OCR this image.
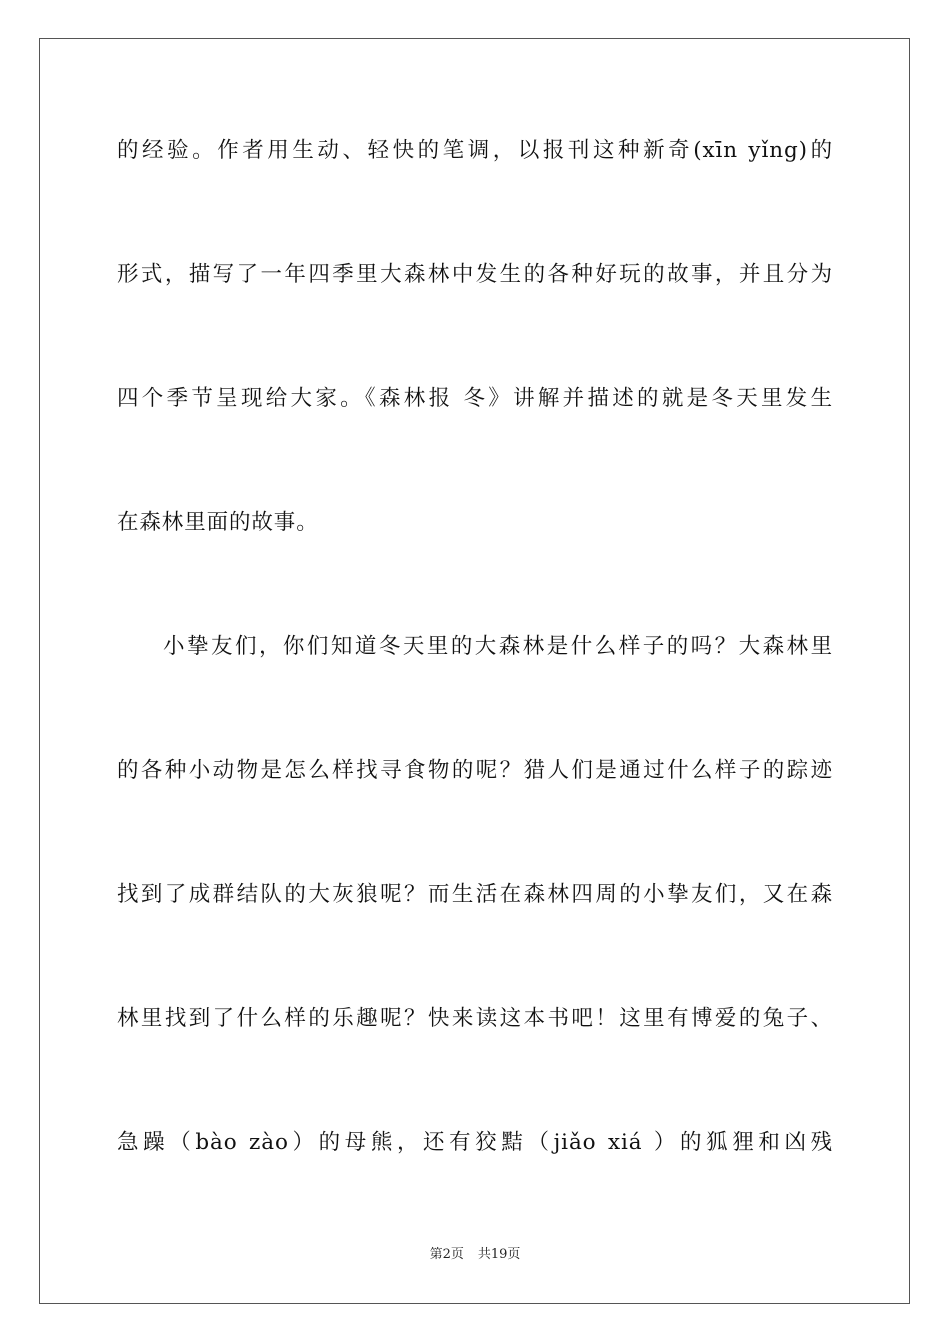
的经验。作者用生动、轻快的笔调，以报刊这种新奇(xīn yǐng)的
形式，描写了一年四季里大森林中发生的各种好玩的故事，并且分为
四个季节呈现给大家。《森林报 冬》讲解并描述的就是冬天里发生
在森林里面的故事。
小挚友们，你们知道冬天里的大森林是什么样子的吗？大森林里
的各种小动物是怎么样找寻食物的呢？猎人们是通过什么样子的踪迹
找到了成群结队的大灰狼呢？而生活在森林四周的小挚友们，又在森
林里找到了什么样的乐趣呢？快来读这本书吧！这里有博爱的兔子、
急躁（bào zào）的母熊，还有狡黠（jiǎo xiá ）的狐狸和凶残
第2页 共19页
